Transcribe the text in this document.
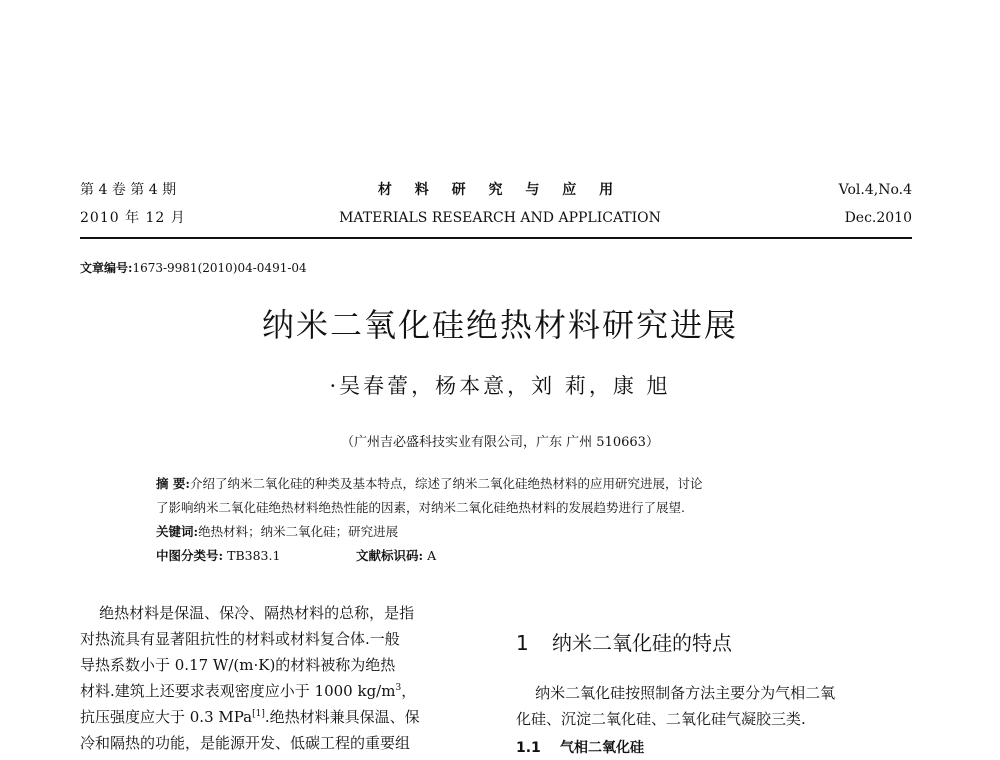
第 4 卷 第 4 期
2010 年 12 月
材 料 研 究 与 应 用
MATERIALS RESEARCH AND APPLICATION
Vol.4,No.4
Dec.2010
文章编号:1673-9981(2010)04-0491-04
纳米二氧化硅绝热材料研究进展
·吴春蕾，杨本意，刘 莉，康 旭
（广州吉必盛科技实业有限公司，广东 广州 510663）
摘 要:介绍了纳米二氧化硅的种类及基本特点，综述了纳米二氧化硅绝热材料的应用研究进展，讨论
了影响纳米二氧化硅绝热材料绝热性能的因素，对纳米二氧化硅绝热材料的发展趋势进行了展望.
关键词:绝热材料；纳米二氧化硅；研究进展
中图分类号: TB383.1	文献标识码: A
绝热材料是保温、保冷、隔热材料的总称，是指
对热流具有显著阻抗性的材料或材料复合体.一般
导热系数小于 0.17 W/(m·K)的材料被称为绝热
材料.建筑上还要求表观密度应小于 1000 $kg/m^3$，
抗压强度应大于 0.3 MPa[1].绝热材料兼具保温、保
冷和隔热的功能，是能源开发、低碳工程的重要组
1 纳米二氧化硅的特点
纳米二氧化硅按照制备方法主要分为气相二氧
化硅、沉淀二氧化硅、二氧化硅气凝胶三类.
1.1 气相二氧化硅
